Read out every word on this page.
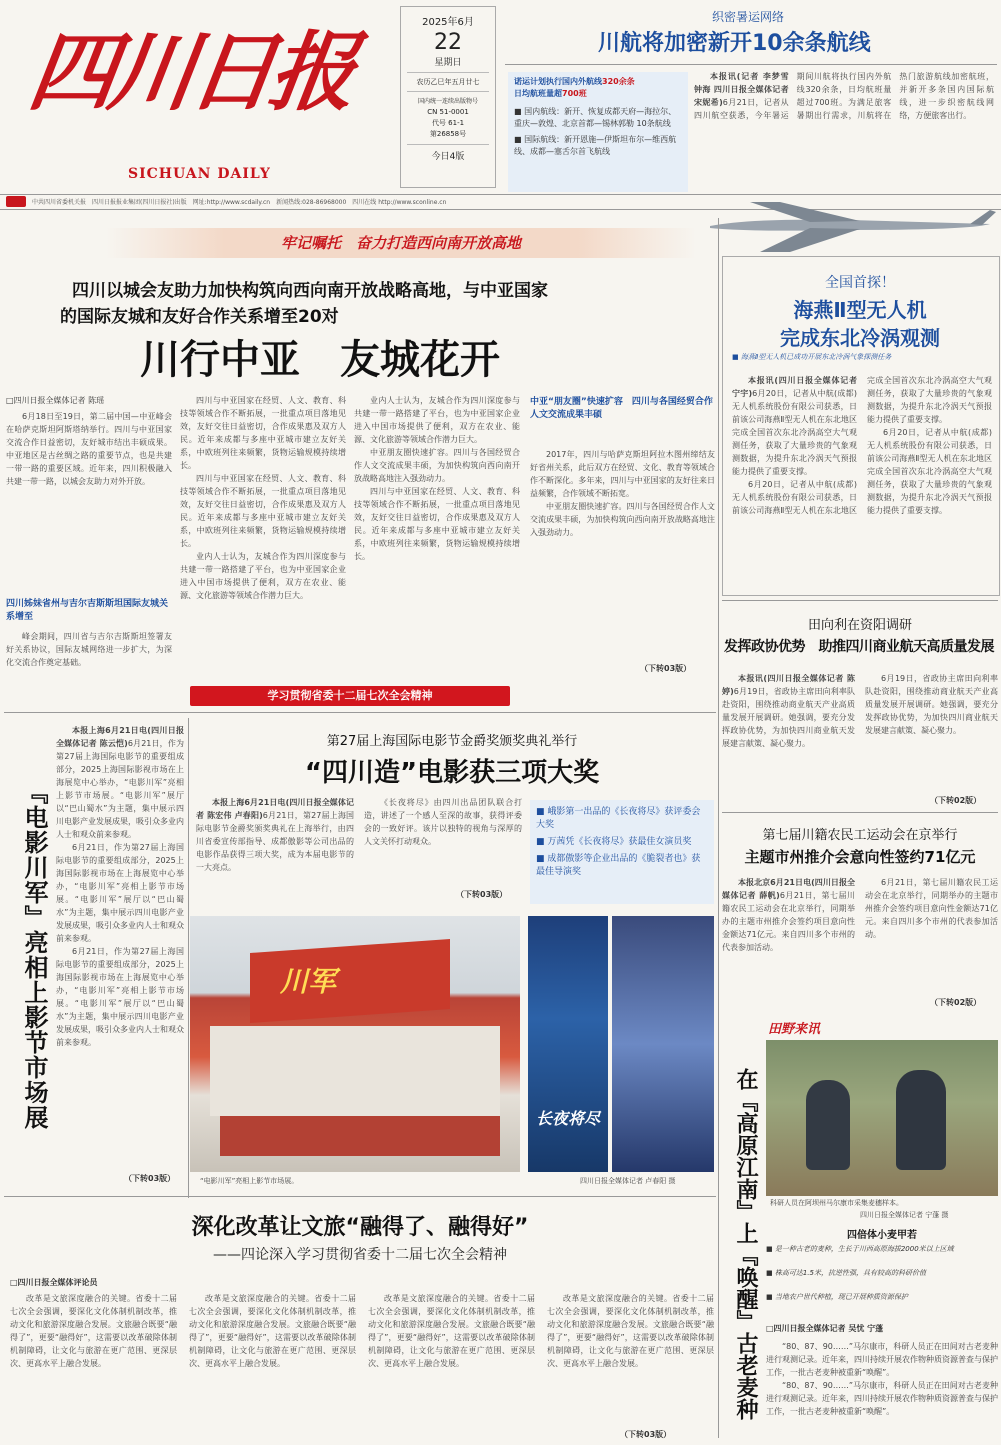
四川日报
SICHUAN DAILY
2025年6月
22
星期日
农历乙巳年五月廿七
国内统一连续出版物号
CN 51-0001
代号 61-1
第26858号
今日4版
中共四川省委机关报　四川日报报业集团(四川日报社)出版　网址:http://www.scdaily.cn　新闻热线:028-86968000　四川在线 http://www.sconline.cn
织密暑运网络
川航将加密新开10余条航线
诺运计划执行国内外航线320余条
日均航班量超700班
■ 国内航线：新开、恢复成都天府—海拉尔、重庆—敦煌、北京首都—锡林郭勒 10条航线
■ 国际航线：新开恩施—伊斯坦布尔—维西航线、成都—塞舌尔首飞航线

本报讯(记者 李梦雪 钟海 四川日报全媒体记者 宋妮希)6月21日，记者从四川航空获悉，今年暑运期间川航将执行国内外航线320余条，日均航班量超过700班。为满足旅客暑期出行需求，川航将在热门旅游航线加密航班，并新开多条国内国际航线，进一步织密航线网络，方便旅客出行。

牢记嘱托　奋力打造西向南开放高地
四川以城会友助力加快构筑向西向南开放战略高地，与中亚国家
的国际友城和友好合作关系增至20对
川行中亚　友城花开
□四川日报全媒体记者 陈瑶

6月18日至19日，第二届中国—中亚峰会在哈萨克斯坦阿斯塔纳举行。四川与中亚国家交流合作日益密切，友好城市结出丰硕成果。中亚地区是古丝绸之路的重要节点，也是共建一带一路的重要区域。近年来，四川积极融入共建一带一路，以城会友助力对外开放。

四川姊妹省州与吉尔吉斯斯坦国际友城关系增至

峰会期间，四川省与吉尔吉斯斯坦签署友好关系协议，国际友城网络进一步扩大，为深化交流合作奠定基础。

四川与中亚国家在经贸、人文、教育、科技等领域合作不断拓展，一批重点项目落地见效，友好交往日益密切，合作成果惠及双方人民。近年来成都与多座中亚城市建立友好关系，中欧班列往来频繁，货物运输规模持续增长。

四川与中亚国家在经贸、人文、教育、科技等领域合作不断拓展，一批重点项目落地见效，友好交往日益密切，合作成果惠及双方人民。近年来成都与多座中亚城市建立友好关系，中欧班列往来频繁，货物运输规模持续增长。

业内人士认为，友城合作为四川深度参与共建一带一路搭建了平台，也为中亚国家企业进入中国市场提供了便利，双方在农业、能源、文化旅游等领域合作潜力巨大。

业内人士认为，友城合作为四川深度参与共建一带一路搭建了平台，也为中亚国家企业进入中国市场提供了便利，双方在农业、能源、文化旅游等领域合作潜力巨大。

中亚朋友圈快速扩容。四川与各国经贸合作人文交流成果丰硕，为加快构筑向西向南开放战略高地注入强劲动力。

四川与中亚国家在经贸、人文、教育、科技等领域合作不断拓展，一批重点项目落地见效，友好交往日益密切，合作成果惠及双方人民。近年来成都与多座中亚城市建立友好关系，中欧班列往来频繁，货物运输规模持续增长。

中亚“朋友圈”快速扩容　四川与各国经贸合作人文交流成果丰硕

2017年，四川与哈萨克斯坦阿拉木图州缔结友好省州关系，此后双方在经贸、文化、教育等领域合作不断深化。多年来，四川与中亚国家的友好往来日益频繁，合作领域不断拓宽。

中亚朋友圈快速扩容。四川与各国经贸合作人文交流成果丰硕，为加快构筑向西向南开放战略高地注入强劲动力。

（下转03版）
全国首探！
海燕Ⅱ型无人机
完成东北冷涡观测
■ 海燕Ⅱ型无人机已成功开展东北冷涡气象探测任务

本报讯(四川日报全媒体记者 宁宇)6月20日，记者从中航(成都)无人机系统股份有限公司获悉，日前该公司海燕Ⅱ型无人机在东北地区完成全国首次东北冷涡高空大气观测任务，获取了大量珍贵的气象观测数据，为提升东北冷涡天气预报能力提供了重要支撑。

6月20日，记者从中航(成都)无人机系统股份有限公司获悉，日前该公司海燕Ⅱ型无人机在东北地区完成全国首次东北冷涡高空大气观测任务，获取了大量珍贵的气象观测数据，为提升东北冷涡天气预报能力提供了重要支撑。

6月20日，记者从中航(成都)无人机系统股份有限公司获悉，日前该公司海燕Ⅱ型无人机在东北地区完成全国首次东北冷涡高空大气观测任务，获取了大量珍贵的气象观测数据，为提升东北冷涡天气预报能力提供了重要支撑。

田向利在资阳调研
发挥政协优势　助推四川商业航天高质量发展

本报讯(四川日报全媒体记者 陈婷)6月19日，省政协主席田向利率队赴资阳，围绕推动商业航天产业高质量发展开展调研。她强调，要充分发挥政协优势，为加快四川商业航天发展建言献策、凝心聚力。

6月19日，省政协主席田向利率队赴资阳，围绕推动商业航天产业高质量发展开展调研。她强调，要充分发挥政协优势，为加快四川商业航天发展建言献策、凝心聚力。

（下转02版）
第七届川籍农民工运动会在京举行
主题市州推介会意向性签约71亿元

本报北京6月21日电(四川日报全媒体记者 薛帆)6月21日，第七届川籍农民工运动会在北京举行，同期举办的主题市州推介会签约项目意向性金额达71亿元。来自四川多个市州的代表参加活动。

6月21日，第七届川籍农民工运动会在北京举行，同期举办的主题市州推介会签约项目意向性金额达71亿元。来自四川多个市州的代表参加活动。

（下转02版）
学习贯彻省委十二届七次全会精神
『电影川军』亮相上影节市场展

本报上海6月21日电(四川日报全媒体记者 陈云恺)6月21日，作为第27届上海国际电影节的重要组成部分，2025上海国际影视市场在上海展览中心举办，“电影川军”亮相上影节市场展。“电影川军”展厅以“巴山蜀水”为主题，集中展示四川电影产业发展成果，吸引众多业内人士和观众前来参观。

6月21日，作为第27届上海国际电影节的重要组成部分，2025上海国际影视市场在上海展览中心举办，“电影川军”亮相上影节市场展。“电影川军”展厅以“巴山蜀水”为主题，集中展示四川电影产业发展成果，吸引众多业内人士和观众前来参观。

6月21日，作为第27届上海国际电影节的重要组成部分，2025上海国际影视市场在上海展览中心举办，“电影川军”亮相上影节市场展。“电影川军”展厅以“巴山蜀水”为主题，集中展示四川电影产业发展成果，吸引众多业内人士和观众前来参观。

（下转03版）
第27届上海国际电影节金爵奖颁奖典礼举行
“四川造”电影获三项大奖

本报上海6月21日电(四川日报全媒体记者 陈宏伟 卢春阳)6月21日，第27届上海国际电影节金爵奖颁奖典礼在上海举行，由四川省委宣传部指导、成都傲影等公司出品的电影作品获得三项大奖，成为本届电影节的一大亮点。

《长夜将尽》由四川出品团队联合打造，讲述了一个感人至深的故事，获得评委会的一致好评。该片以独特的视角与深厚的人文关怀打动观众。

（下转03版）
■ 峨影第一出品的《长夜将尽》获评委会大奖
■ 万茜凭《长夜将尽》获最佳女演员奖
■ 成都傲影等企业出品的《脆裂者也》获最佳导演奖
川军
长夜将尽
“电影川军”亮相上影节市场展。	四川日报全媒体记者 卢春阳 摄
深化改革让文旅“融得了、融得好”
——四论深入学习贯彻省委十二届七次全会精神
□四川日报全媒体评论员

改革是文旅深度融合的关键。省委十二届七次全会强调，要深化文化体制机制改革，推动文化和旅游深度融合发展。文旅融合既要“融得了”，更要“融得好”，这需要以改革破除体制机制障碍，让文化与旅游在更广范围、更深层次、更高水平上融合发展。

改革是文旅深度融合的关键。省委十二届七次全会强调，要深化文化体制机制改革，推动文化和旅游深度融合发展。文旅融合既要“融得了”，更要“融得好”，这需要以改革破除体制机制障碍，让文化与旅游在更广范围、更深层次、更高水平上融合发展。

改革是文旅深度融合的关键。省委十二届七次全会强调，要深化文化体制机制改革，推动文化和旅游深度融合发展。文旅融合既要“融得了”，更要“融得好”，这需要以改革破除体制机制障碍，让文化与旅游在更广范围、更深层次、更高水平上融合发展。

改革是文旅深度融合的关键。省委十二届七次全会强调，要深化文化体制机制改革，推动文化和旅游深度融合发展。文旅融合既要“融得了”，更要“融得好”，这需要以改革破除体制机制障碍，让文化与旅游在更广范围、更深层次、更高水平上融合发展。

（下转03版）
田野来讯
在『高原江南』上『唤醒』古老麦种	科研人员在阿坝州马尔康市采集麦穗样本。
四川日报全媒体记者 宁蓬 摄
四倍体小麦甲若
■ 是一种古老的麦种，生长于川西高原海拔2000米以上区域
■ 株高可达1.5米，抗逆性强，具有较高的科研价值
■ 当地农户世代种植，现已开展种质资源保护
□四川日报全媒体记者 吴忧 宁蓬

“80、87、90……”马尔康市，科研人员正在田间对古老麦种进行观测记录。近年来，四川持续开展农作物种质资源普查与保护工作，一批古老麦种被重新“唤醒”。

“80、87、90……”马尔康市，科研人员正在田间对古老麦种进行观测记录。近年来，四川持续开展农作物种质资源普查与保护工作，一批古老麦种被重新“唤醒”。
